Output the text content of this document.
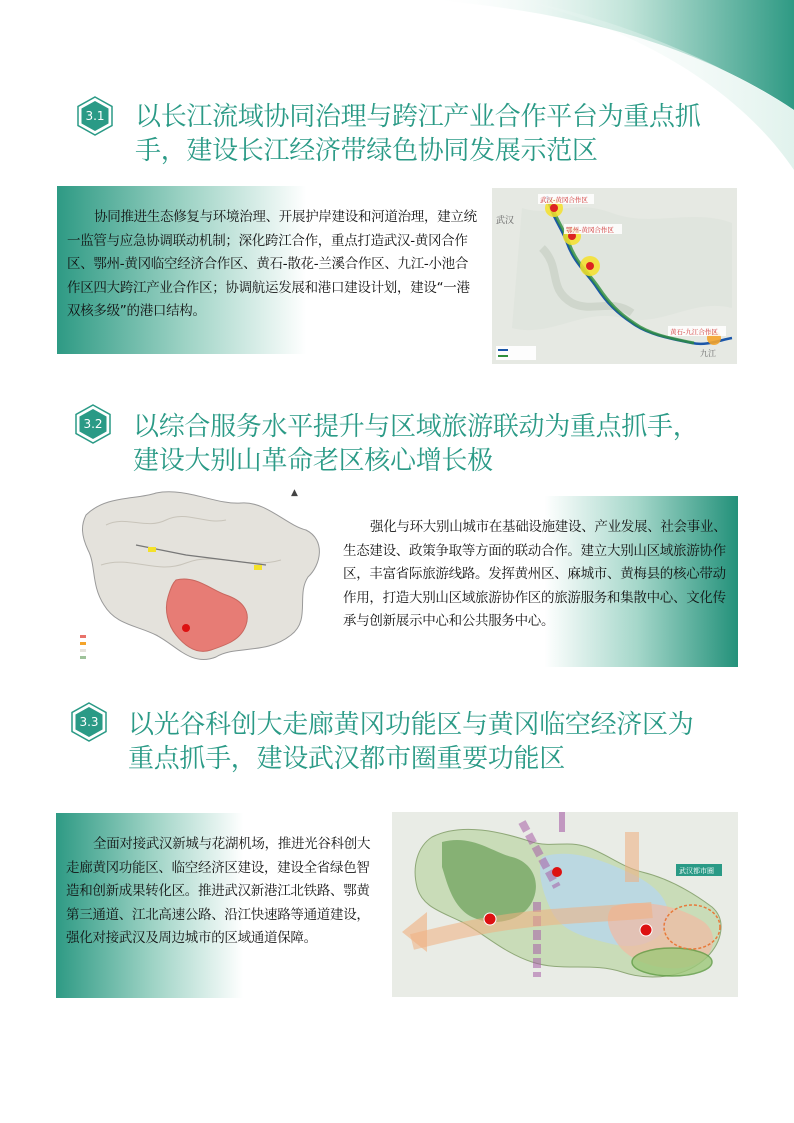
3.1	以长江流域协同治理与跨江产业合作平台为重点抓
手，建设长江经济带绿色协同发展示范区

协同推进生态修复与环境治理、开展护岸建设和河道治理，建立统一监管与应急协调联动机制；深化跨江合作，重点打造武汉-黄冈合作区、鄂州-黄冈临空经济合作区、黄石-散花-兰溪合作区、九江-小池合作区四大跨江产业合作区；协调航运发展和港口建设计划，建设“一港双核多级”的港口结构。

武汉
九江
武汉-黄冈合作区
鄂州-黄冈合作区
黄石-九江合作区
3.2	以综合服务水平提升与区域旅游联动为重点抓手，
建设大别山革命老区核心增长极
▲

强化与环大别山城市在基础设施建设、产业发展、社会事业、生态建设、政策争取等方面的联动合作。建立大别山区域旅游协作区，丰富省际旅游线路。发挥黄州区、麻城市、黄梅县的核心带动作用，打造大别山区域旅游协作区的旅游服务和集散中心、文化传承与创新展示中心和公共服务中心。

3.3	以光谷科创大走廊黄冈功能区与黄冈临空经济区为
重点抓手，建设武汉都市圈重要功能区

全面对接武汉新城与花湖机场，推进光谷科创大走廊黄冈功能区、临空经济区建设，建设全省绿色智造和创新成果转化区。推进武汉新港江北铁路、鄂黄第三通道、江北高速公路、沿江快速路等通道建设，强化对接武汉及周边城市的区域通道保障。

武汉都市圈
